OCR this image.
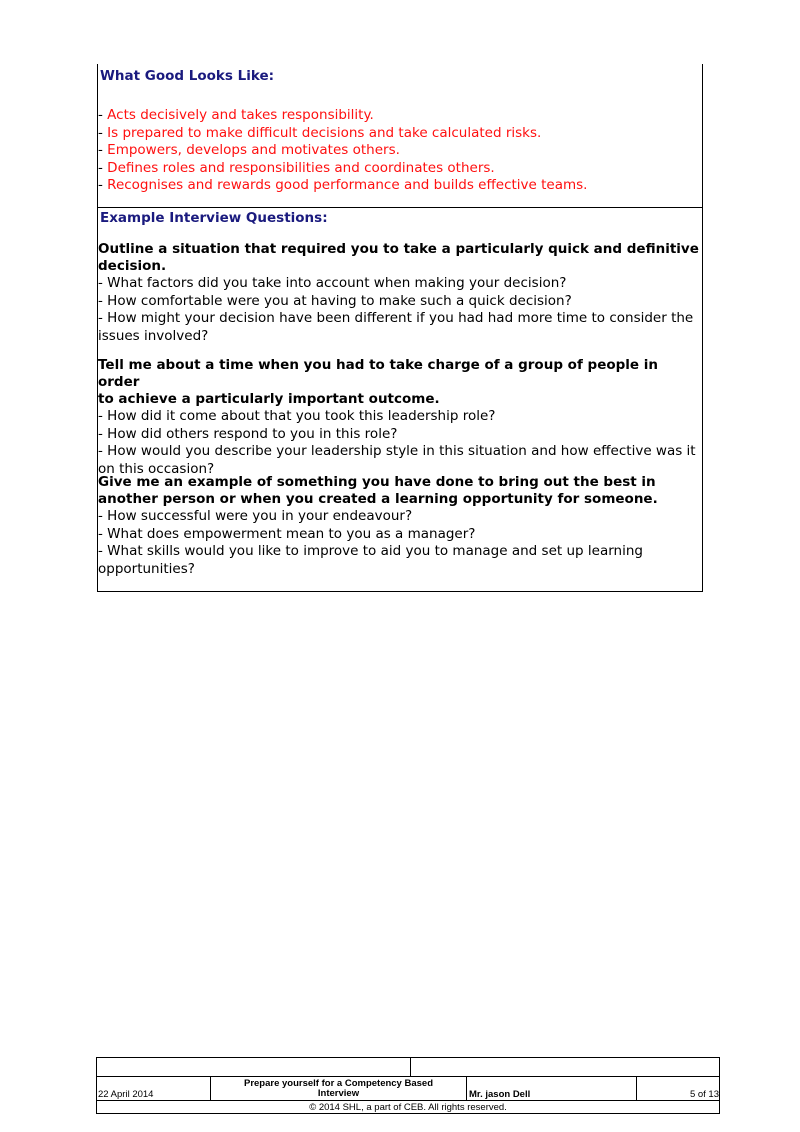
What Good Looks Like:
- Acts decisively and takes responsibility.
- Is prepared to make difficult decisions and take calculated risks.
- Empowers, develops and motivates others.
- Defines roles and responsibilities and coordinates others.
- Recognises and rewards good performance and builds effective teams.
Example Interview Questions:
Outline a situation that required you to take a particularly quick and definitive
decision.
- What factors did you take into account when making your decision?
- How comfortable were you at having to make such a quick decision?
- How might your decision have been different if you had had more time to consider the
issues involved?
Tell me about a time when you had to take charge of a group of people in order
to achieve a particularly important outcome.
- How did it come about that you took this leadership role?
- How did others respond to you in this role?
- How would you describe your leadership style in this situation and how effective was it
on this occasion?
Give me an example of something you have done to bring out the best in
another person or when you created a learning opportunity for someone.
- How successful were you in your endeavour?
- What does empowerment mean to you as a manager?
- What skills would you like to improve to aid you to manage and set up learning
opportunities?
22 April 2014
Prepare yourself for a Competency Based
Interview	Mr. jason Dell	5 of 13
© 2014 SHL, a part of CEB. All rights reserved.
